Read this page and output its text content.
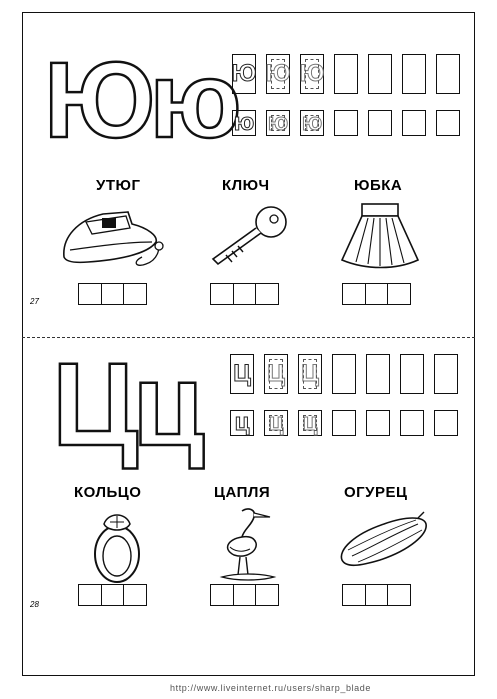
Юю
Ю Ю Ю
ю ю ю
УТЮГ	КЛЮЧ	ЮБКА
27
Цц Ц Ц Ц
ц ц ц
КОЛЬЦО	ЦАПЛЯ	ОГУРЕЦ
28
http://www.liveinternet.ru/users/sharp_blade
